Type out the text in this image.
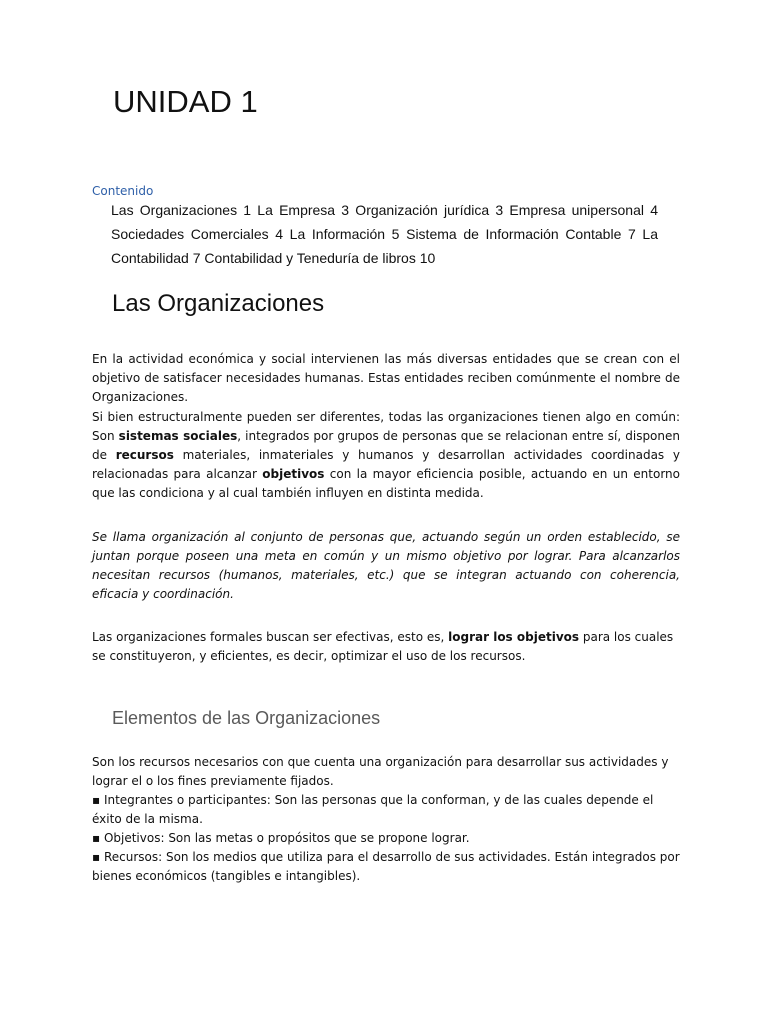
UNIDAD 1
Contenido

Las Organizaciones 1 La Empresa 3 Organización jurídica 3 Empresa unipersonal 4 Sociedades Comerciales 4 La Información 5 Sistema de Información Contable 7 La Contabilidad 7 Contabilidad y Teneduría de libros 10

Las Organizaciones

En la actividad económica y social intervienen las más diversas entidades que se crean con el objetivo de satisfacer necesidades humanas. Estas entidades reciben comúnmente el nombre de Organizaciones.

Si bien estructuralmente pueden ser diferentes, todas las organizaciones tienen algo en común: Son sistemas sociales, integrados por grupos de personas que se relacionan entre sí, disponen de recursos materiales, inmateriales y humanos y desarrollan actividades coordinadas y relacionadas para alcanzar objetivos con la mayor eficiencia posible, actuando en un entorno que las condiciona y al cual también influyen en distinta medida.

Se llama organización al conjunto de personas que, actuando según un orden establecido, se juntan porque poseen una meta en común y un mismo objetivo por lograr. Para alcanzarlos necesitan recursos (humanos, materiales, etc.) que se integran actuando con coherencia, eficacia y coordinación.

Las organizaciones formales buscan ser efectivas, esto es, lograr los objetivos para los cuales se constituyeron, y eficientes, es decir, optimizar el uso de los recursos.

Elementos de las Organizaciones
Son los recursos necesarios con que cuenta una organización para desarrollar sus actividades y lograr el o los fines previamente fijados.
▪ Integrantes o participantes: Son las personas que la conforman, y de las cuales depende el éxito de la misma.
▪ Objetivos: Son las metas o propósitos que se propone lograr.
▪ Recursos: Son los medios que utiliza para el desarrollo de sus actividades. Están integrados por bienes económicos (tangibles e intangibles).
